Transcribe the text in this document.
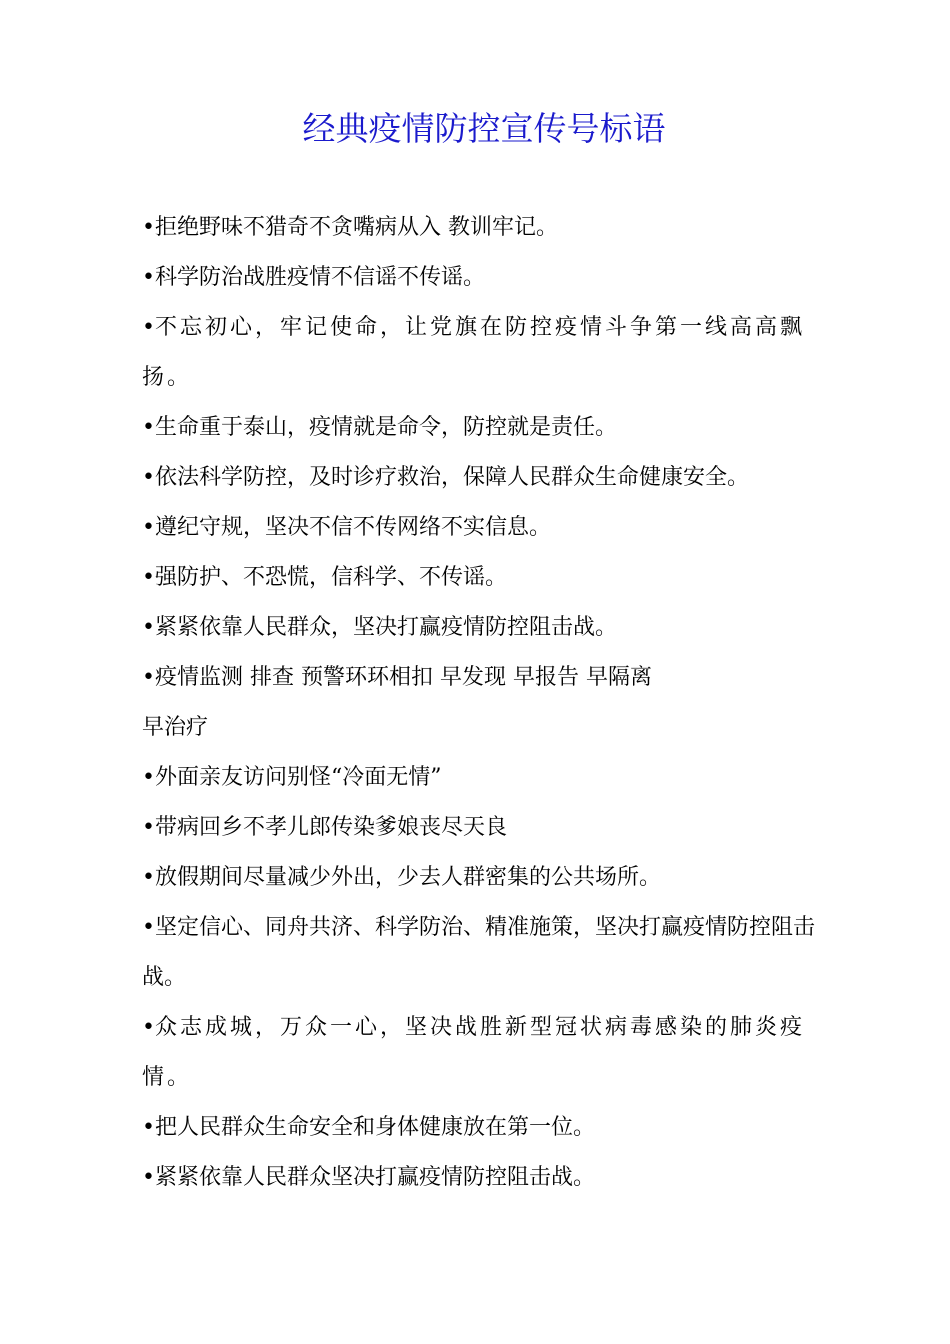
经典疫情防控宣传号标语
•拒绝野味不猎奇不贪嘴病从入 教训牢记。
•科学防治战胜疫情不信谣不传谣。
•不忘初心，牢记使命，让党旗在防控疫情斗争第一线高高飘扬。
•生命重于泰山，疫情就是命令，防控就是责任。
•依法科学防控，及时诊疗救治，保障人民群众生命健康安全。
•遵纪守规，坚决不信不传网络不实信息。
•强防护、不恐慌，信科学、不传谣。
•紧紧依靠人民群众，坚决打赢疫情防控阻击战。
•疫情监测 排查 预警环环相扣 早发现 早报告 早隔离
早治疗
•外面亲友访问别怪“冷面无情”
•带病回乡不孝儿郎传染爹娘丧尽天良
•放假期间尽量减少外出，少去人群密集的公共场所。
•坚定信心、同舟共济、科学防治、精准施策，坚决打赢疫情防控阻击战。
•众志成城，万众一心，坚决战胜新型冠状病毒感染的肺炎疫情。
•把人民群众生命安全和身体健康放在第一位。
•紧紧依靠人民群众坚决打赢疫情防控阻击战。
